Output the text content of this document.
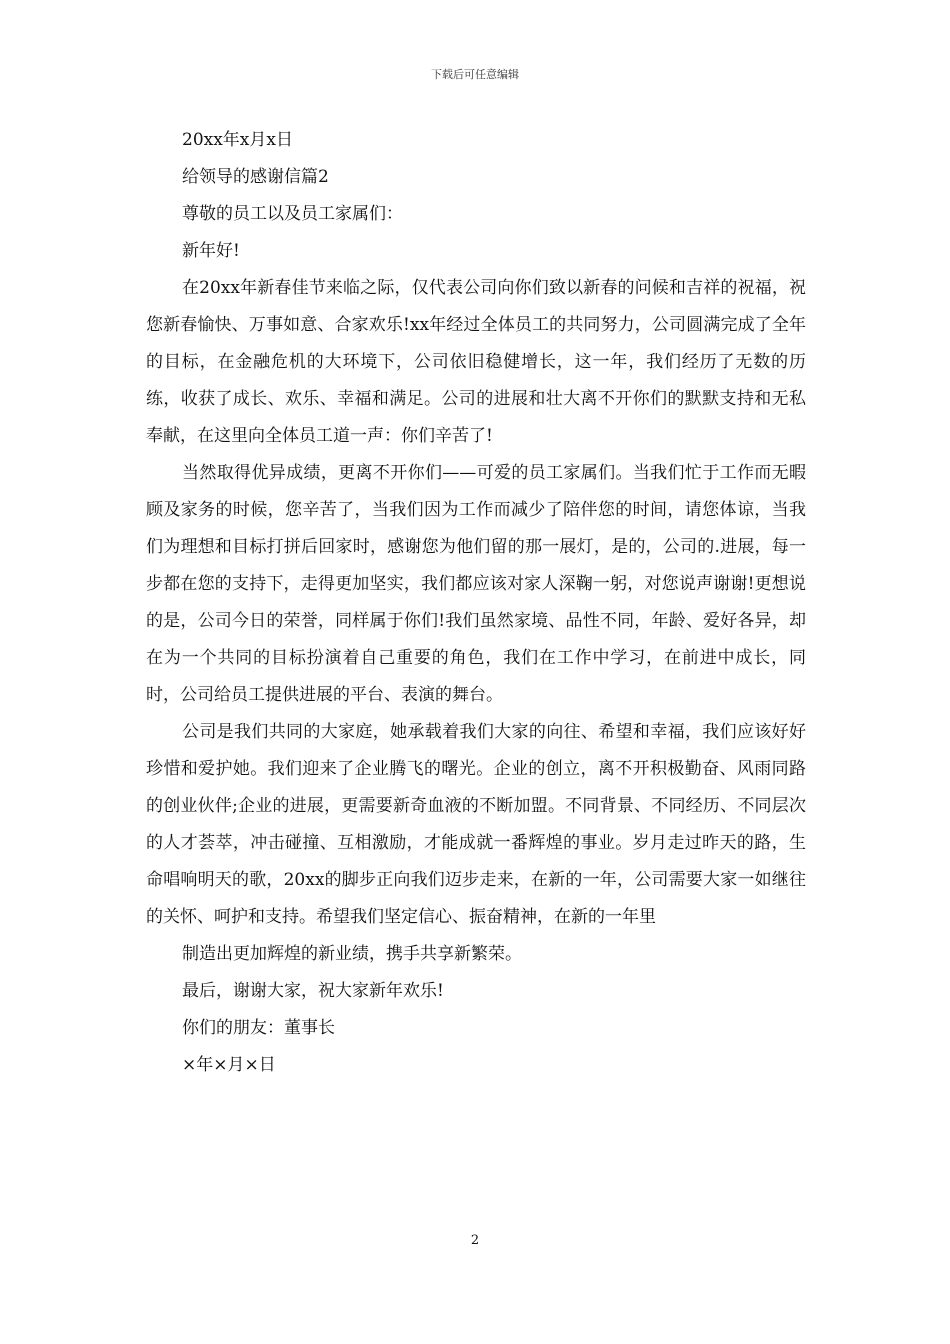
下载后可任意编辑

20xx年x月x日

给领导的感谢信篇2

尊敬的员工以及员工家属们：

新年好!

在20xx年新春佳节来临之际，仅代表公司向你们致以新春的问候和吉祥的祝福，祝您新春愉快、万事如意、合家欢乐!xx年经过全体员工的共同努力，公司圆满完成了全年的目标，在金融危机的大环境下，公司依旧稳健增长，这一年，我们经历了无数的历练，收获了成长、欢乐、幸福和满足。公司的进展和壮大离不开你们的默默支持和无私奉献，在这里向全体员工道一声：你们辛苦了!

当然取得优异成绩，更离不开你们——可爱的员工家属们。当我们忙于工作而无暇顾及家务的时候，您辛苦了，当我们因为工作而减少了陪伴您的时间，请您体谅，当我们为理想和目标打拼后回家时，感谢您为他们留的那一展灯，是的，公司的.进展，每一步都在您的支持下，走得更加坚实，我们都应该对家人深鞠一躬，对您说声谢谢!更想说的是，公司今日的荣誉，同样属于你们!我们虽然家境、品性不同，年龄、爱好各异，却在为一个共同的目标扮演着自己重要的角色，我们在工作中学习，在前进中成长，同时，公司给员工提供进展的平台、表演的舞台。

公司是我们共同的大家庭，她承载着我们大家的向往、希望和幸福，我们应该好好珍惜和爱护她。我们迎来了企业腾飞的曙光。企业的创立，离不开积极勤奋、风雨同路的创业伙伴;企业的进展，更需要新奇血液的不断加盟。不同背景、不同经历、不同层次的人才荟萃，冲击碰撞、互相激励，才能成就一番辉煌的事业。岁月走过昨天的路，生命唱响明天的歌，20xx的脚步正向我们迈步走来，在新的一年，公司需要大家一如继往的关怀、呵护和支持。希望我们坚定信心、振奋精神，在新的一年里

制造出更加辉煌的新业绩，携手共享新繁荣。

最后，谢谢大家，祝大家新年欢乐!

你们的朋友：董事长

×年×月×日

2
